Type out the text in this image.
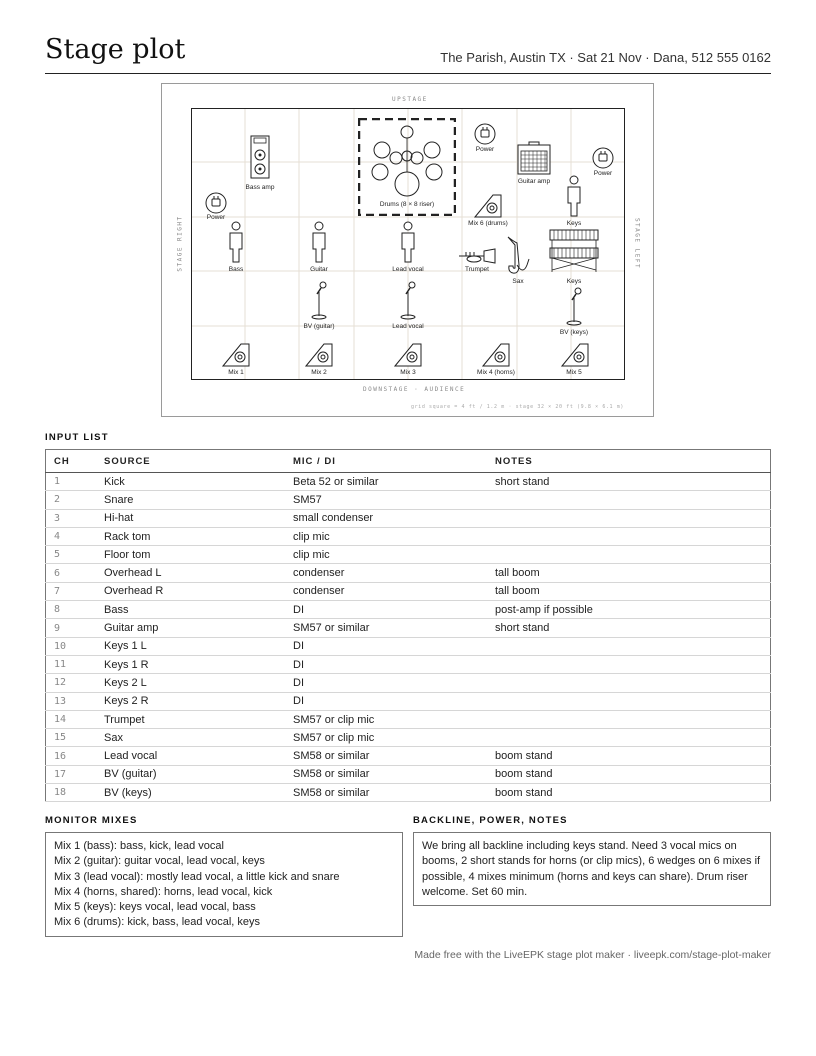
Stage plot	The Parish, Austin TX · Sat 21 Nov · Dana, 512 555 0162
UPSTAGE
DOWNSTAGE · AUDIENCE
STAGE RIGHT	STAGE LEFT
grid square = 4 ft / 1.2 m · stage 32 × 20 ft (9.8 × 6.1 m)
Bass amp
Drums (8 × 8 riser)
Power
Power
Power
Guitar amp
Mix 6 (drums)	Keys
Bass	Guitar	Lead vocal	Trumpet
Sax	Keys
BV (guitar)	Lead vocal
BV (keys)
Mix 1	Mix 2	Mix 3	Mix 4 (horns)	Mix 5
INPUT LIST
CH	SOURCE	MIC / DI	NOTES
1	Kick	Beta 52 or similar	short stand
2	Snare	SM57	
3	Hi-hat	small condenser	
4	Rack tom	clip mic	
5	Floor tom	clip mic	
6	Overhead L	condenser	tall boom
7	Overhead R	condenser	tall boom
8	Bass	DI	post-amp if possible
9	Guitar amp	SM57 or similar	short stand
10	Keys 1 L	DI	
11	Keys 1 R	DI	
12	Keys 2 L	DI	
13	Keys 2 R	DI	
14	Trumpet	SM57 or clip mic	
15	Sax	SM57 or clip mic	
16	Lead vocal	SM58 or similar	boom stand
17	BV (guitar)	SM58 or similar	boom stand
18	BV (keys)	SM58 or similar	boom stand
MONITOR MIXES
Mix 1 (bass): bass, kick, lead vocal
Mix 2 (guitar): guitar vocal, lead vocal, keys
Mix 3 (lead vocal): mostly lead vocal, a little kick and snare
Mix 4 (horns, shared): horns, lead vocal, kick
Mix 5 (keys): keys vocal, lead vocal, bass
Mix 6 (drums): kick, bass, lead vocal, keys
BACKLINE, POWER, NOTES
We bring all backline including keys stand. Need 3 vocal mics on booms, 2 short stands for horns (or clip mics), 6 wedges on 6 mixes if possible, 4 mixes minimum (horns and keys can share). Drum riser welcome. Set 60 min.
Made free with the LiveEPK stage plot maker · liveepk.com/stage-plot-maker
